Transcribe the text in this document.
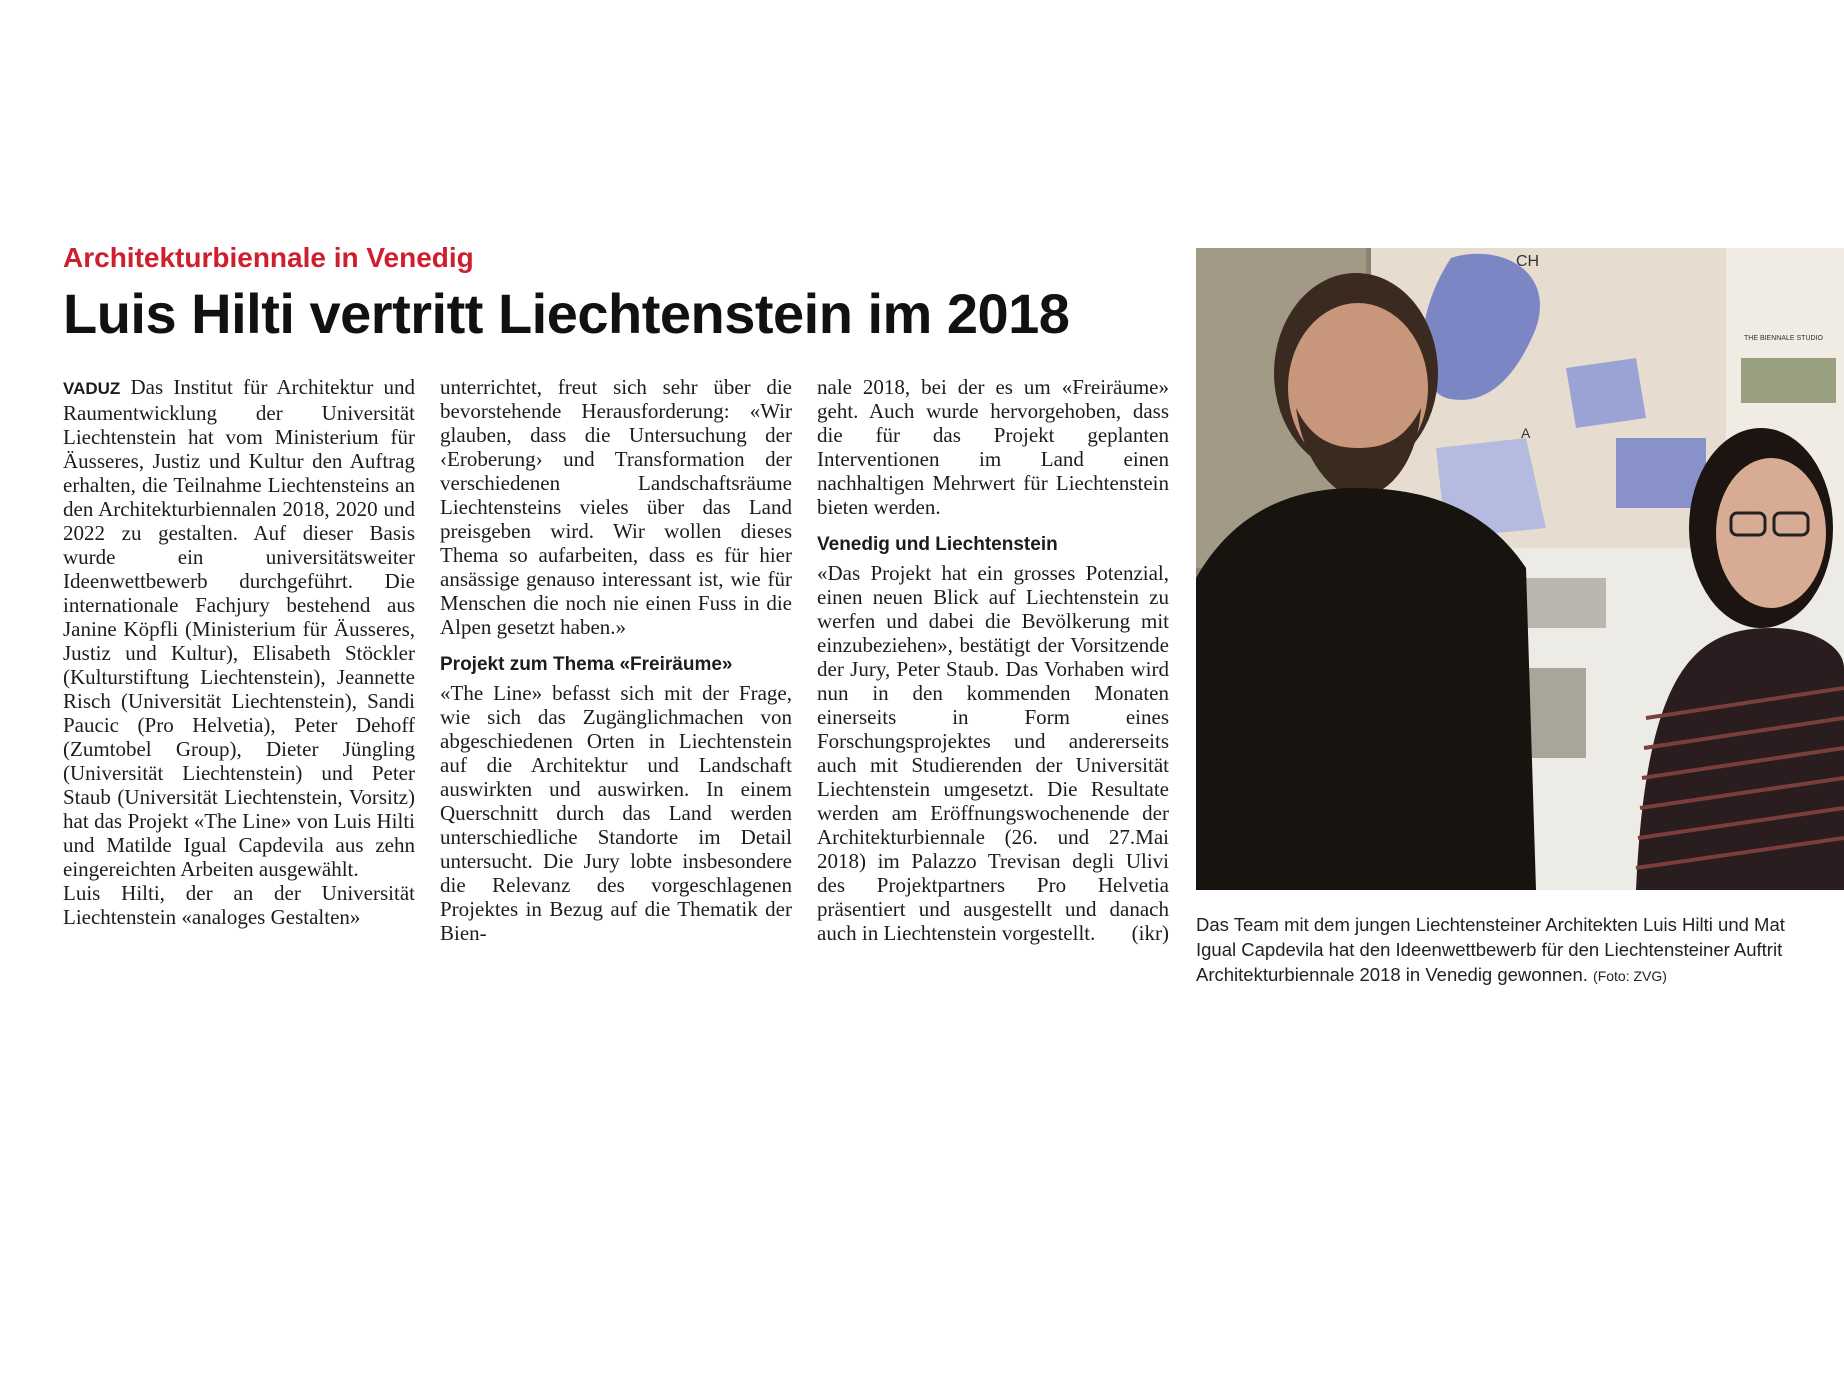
Architekturbiennale in Venedig
Luis Hilti vertritt Liechtenstein im 2018

VADUZ Das Institut für Architektur und Raumentwicklung der Universität Liechtenstein hat vom Ministerium für Äusseres, Justiz und Kultur den Auftrag erhalten, die Teilnahme Liechtensteins an den Architekturbiennalen 2018, 2020 und 2022 zu gestalten. Auf dieser Basis wurde ein universitätsweiter Ideenwettbewerb durchgeführt. Die internationale Fachjury bestehend aus Janine Köpfli (Ministerium für Äusseres, Justiz und Kultur), Elisabeth Stöckler (Kulturstiftung Liechtenstein), Jeannette Risch (Universität Liechtenstein), Sandi Paucic (Pro Helvetia), Peter Dehoff (Zumtobel Group), Dieter Jüngling (Universität Liechtenstein) und Peter Staub (Universität Liechtenstein, Vorsitz) hat das Projekt «The Line» von Luis Hilti und Matilde Igual Capdevila aus zehn eingereichten Arbeiten ausgewählt.

Luis Hilti, der an der Universität Liechtenstein «analoges Gestalten»

unterrichtet, freut sich sehr über die bevorstehende Herausforderung: «Wir glauben, dass die Untersuchung der ‹Eroberung› und Transformation der verschiedenen Landschaftsräume Liechtensteins vieles über das Land preisgeben wird. Wir wollen dieses Thema so aufarbeiten, dass es für hier ansässige genauso interessant ist, wie für Menschen die noch nie einen Fuss in die Alpen gesetzt haben.»

Projekt zum Thema «Freiräume»

«The Line» befasst sich mit der Frage, wie sich das Zugänglichmachen von abgeschiedenen Orten in Liechtenstein auf die Architektur und Landschaft auswirkten und auswirken. In einem Querschnitt durch das Land werden unterschiedliche Standorte im Detail untersucht. Die Jury lobte insbesondere die Relevanz des vorgeschlagenen Projektes in Bezug auf die Thematik der Bien-

nale 2018, bei der es um «Freiräume» geht. Auch wurde hervorgehoben, dass die für das Projekt geplanten Interventionen im Land einen nachhaltigen Mehrwert für Liechtenstein bieten werden.

Venedig und Liechtenstein

«Das Projekt hat ein grosses Potenzial, einen neuen Blick auf Liechtenstein zu werfen und dabei die Bevölkerung mit einzubeziehen», bestätigt der Vorsitzende der Jury, Peter Staub. Das Vorhaben wird nun in den kommenden Monaten einerseits in Form eines Forschungsprojektes und andererseits auch mit Studierenden der Universität Liechtenstein umgesetzt. Die Resultate werden am Eröffnungswochenende der Architekturbiennale (26. und 27.Mai 2018) im Palazzo Trevisan degli Ulivi des Projektpartners Pro Helvetia präsentiert und ausgestellt und danach auch in Liechtenstein vorgestellt. (ikr)

CH
A
THE BIENNALE STUDIO
Das Team mit dem jungen Liechtensteiner Architekten Luis Hilti und Mat
Igual Capdevila hat den Ideenwettbewerb für den Liechtensteiner Auftrit
Architekturbiennale 2018 in Venedig gewonnen. (Foto: ZVG)
